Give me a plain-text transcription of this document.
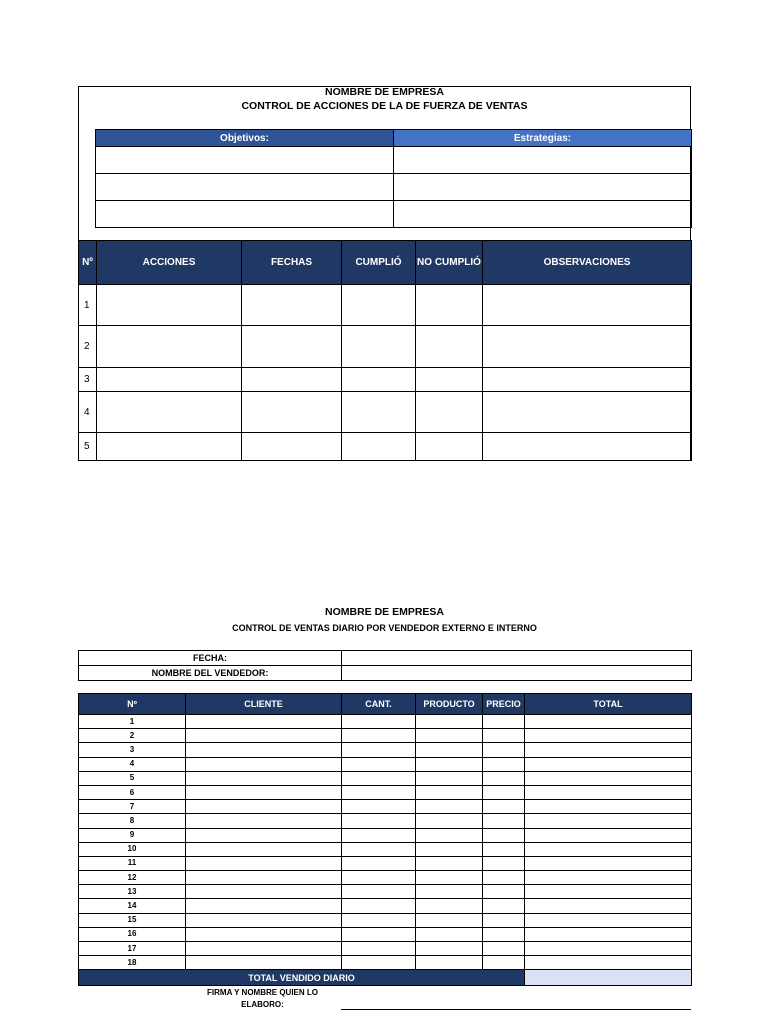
NOMBRE DE EMPRESA
CONTROL DE ACCIONES DE LA DE FUERZA DE VENTAS
Objetivos:	Estrategias:

Nº	ACCIONES	FECHAS	CUMPLIÓ	NO CUMPLIÓ	OBSERVACIONES
1					
2					
3					
4					
5					
NOMBRE DE EMPRESA
CONTROL DE VENTAS DIARIO POR VENDEDOR EXTERNO E INTERNO
FECHA:	
NOMBRE DEL VENDEDOR:	
Nº	CLIENTE	CANT.	PRODUCTO	PRECIO	TOTAL
1					
2					
3					
4					
5					
6					
7					
8					
9					
10					
11					
12					
13					
14					
15					
16					
17					
18					
TOTAL VENDIDO DIARIO					
FIRMA Y NOMBRE QUIEN LO ELABORO:
